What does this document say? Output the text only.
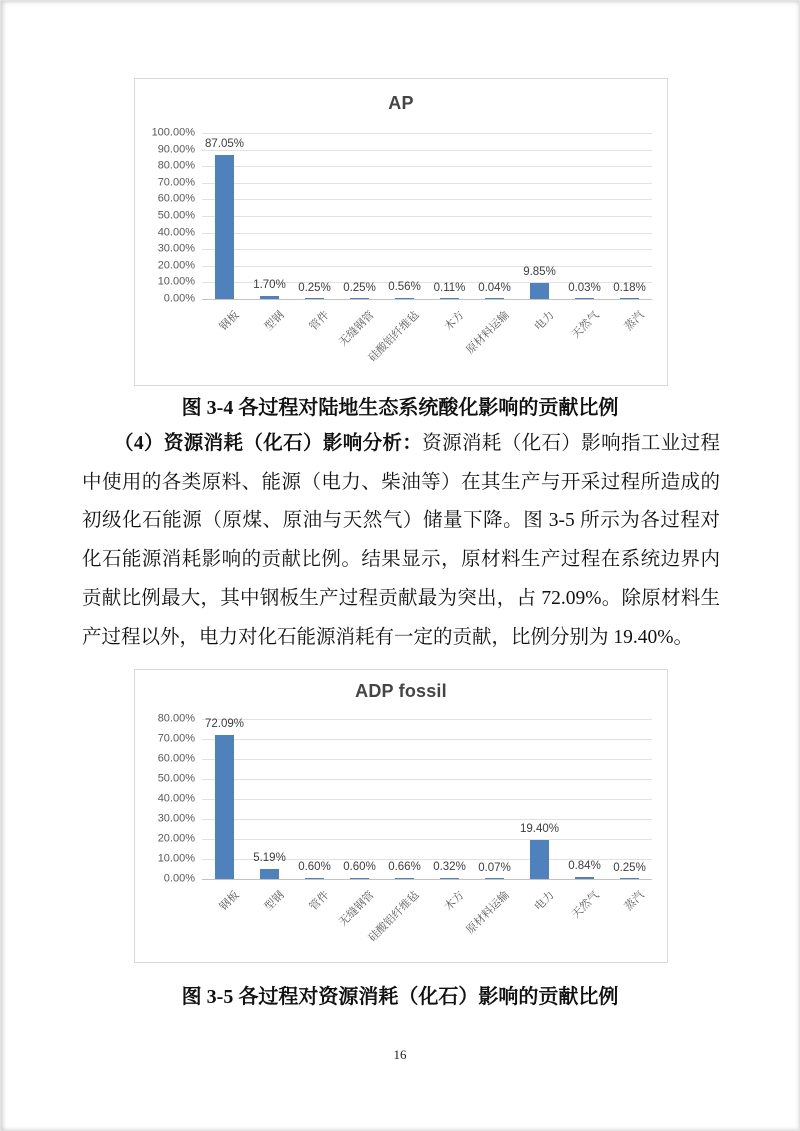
AP
100.00%
90.00%
80.00%
70.00%
60.00%
50.00%
40.00%
30.00%
20.00%
10.00%
0.00%
87.05%
1.70% 0.25% 0.25% 0.56% 0.11% 0.04%
9.85%
0.03% 0.18%
钢板 型钢 管件 无缝钢管
硅酸铝纤维毡 木方
原材料运输 电力 天然气 蒸汽
图 3-4 各过程对陆地生态系统酸化影响的贡献比例

（4）资源消耗（化石）影响分析：资源消耗（化石）影响指工业过程中使用的各类原料、能源（电力、柴油等）在其生产与开采过程所造成的初级化石能源（原煤、原油与天然气）储量下降。图 3-5 所示为各过程对化石能源消耗影响的贡献比例。结果显示，原材料生产过程在系统边界内贡献比例最大，其中钢板生产过程贡献最为突出，占 72.09%。除原材料生产过程以外，电力对化石能源消耗有一定的贡献，比例分别为 19.40%。

ADP fossil
80.00%
70.00%
60.00%
50.00%
40.00%
30.00%
20.00%
10.00%
0.00%
72.09%
5.19%
0.60% 0.60% 0.66% 0.32% 0.07%
19.40%
0.84% 0.25%
钢板 型钢 管件 无缝钢管
硅酸铝纤维毡 木方
原材料运输 电力 天然气 蒸汽
图 3-5 各过程对资源消耗（化石）影响的贡献比例
16
